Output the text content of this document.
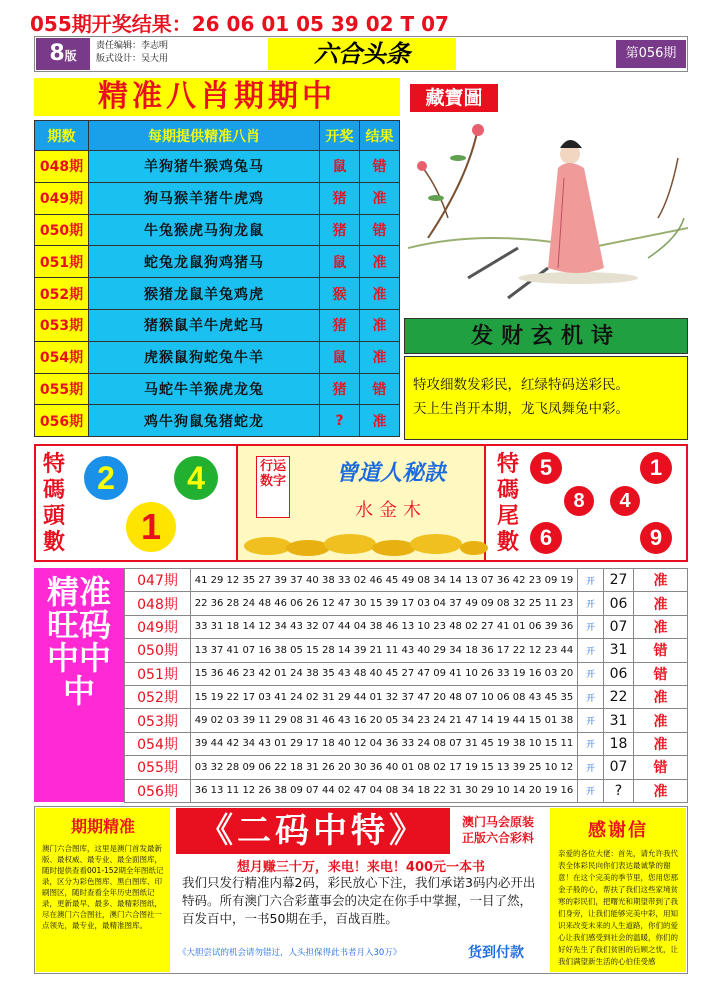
055期开奖结果：26 06 01 05 39 02 T 07
8版
责任编辑：李志明
版式设计：吴大用	六合头条	第056期
精准八肖期期中	藏寶圖
期数	每期提供精准八肖	开奖	结果
048期	羊狗猪牛猴鸡兔马	鼠	错
049期	狗马猴羊猪牛虎鸡	猪	准
050期	牛兔猴虎马狗龙鼠	猪	错
051期	蛇兔龙鼠狗鸡猪马	鼠	准
052期	猴猪龙鼠羊兔鸡虎	猴	准
053期	猪猴鼠羊牛虎蛇马	猪	准
054期	虎猴鼠狗蛇兔牛羊	鼠	准
055期	马蛇牛羊猴虎龙兔	猪	错
056期	鸡牛狗鼠兔猪蛇龙	?	准
发财玄机诗
特攻细数发彩民，红绿特码送彩民。
天上生肖开本期，龙飞凤舞兔中彩。
特碼頭數
2	4
1
行运数字	曾道人秘訣
水金木
特碼尾數
5	1
8	4
6	9
精准旺码中中中
047期	41 29 12 35 27 39 37 40 38 33 02 46 45 49 08 34 14 13 07 36 42 23 09 19	开	27	准
048期	22 36 28 24 48 46 06 26 12 47 30 15 39 17 03 04 37 49 09 08 32 25 11 23	开	06	准
049期	33 31 18 14 12 34 43 32 07 44 04 38 46 13 10 23 48 02 27 41 01 06 39 36	开	07	准
050期	13 37 41 07 16 38 05 15 28 14 39 21 11 43 40 29 34 18 36 17 22 12 23 44	开	31	错
051期	15 36 46 23 42 01 24 38 35 43 48 40 45 27 47 09 41 10 26 33 19 16 03 20	开	06	错
052期	15 19 22 17 03 41 24 02 31 29 44 01 32 37 47 20 48 07 10 06 08 43 45 35	开	22	准
053期	49 02 03 39 11 29 08 31 46 43 16 20 05 34 23 24 21 47 14 19 44 15 01 38	开	31	准
054期	39 44 42 34 43 01 29 17 18 40 12 04 36 33 24 08 07 31 45 19 38 10 15 11	开	18	准
055期	03 32 28 09 06 22 18 31 26 20 30 36 40 01 08 02 17 19 15 13 39 25 10 12	开	07	错
056期	36 13 11 12 26 38 09 07 44 02 47 04 08 34 18 22 31 30 29 10 14 20 19 16	开	?	准
期期精准

澳门六合图库，这里是澳门首发最新版、最权威、最专业、最全面图库，随时提供查看001-152期全年图纸记录，区分为彩色图库、黑白图库、印刷图区，随时查看全年历史图纸记录，更新最早、最多、最精彩图纸，尽在澳门六合图社，澳门六合图社一点领先，最专业，最精准图库。

《二码中特》	澳门马会原装
正版六合彩料
想月赚三十万，来电！来电！400元一本书
我们只发行精准内幕2码，彩民放心下注，我们承诺3码内必开出特码。所有澳门六合彩董事会的决定在你手中掌握，一目了然，百发百中，一书50期在手，百战百胜。
《大胆尝试的机会请勿错过，人头担保得此书者月入30万》	货到付款
感谢信

亲爱的各位大佬：首先，请允许我代表全体彩民向你们表达最诚挚的谢意！在这个完美的季节里，您用您那金子般的心，帮扶了我们这些家境贫寒的彩民们，把曙光和期望带到了我们身旁，让我们能够完美中彩，用知识来改变未来的人生道路，你们的爱心让我们感受到社会的温暖，你们的好好先生了我们贫困的后顾之忧，让我们满望新生活的心伯佳受感
